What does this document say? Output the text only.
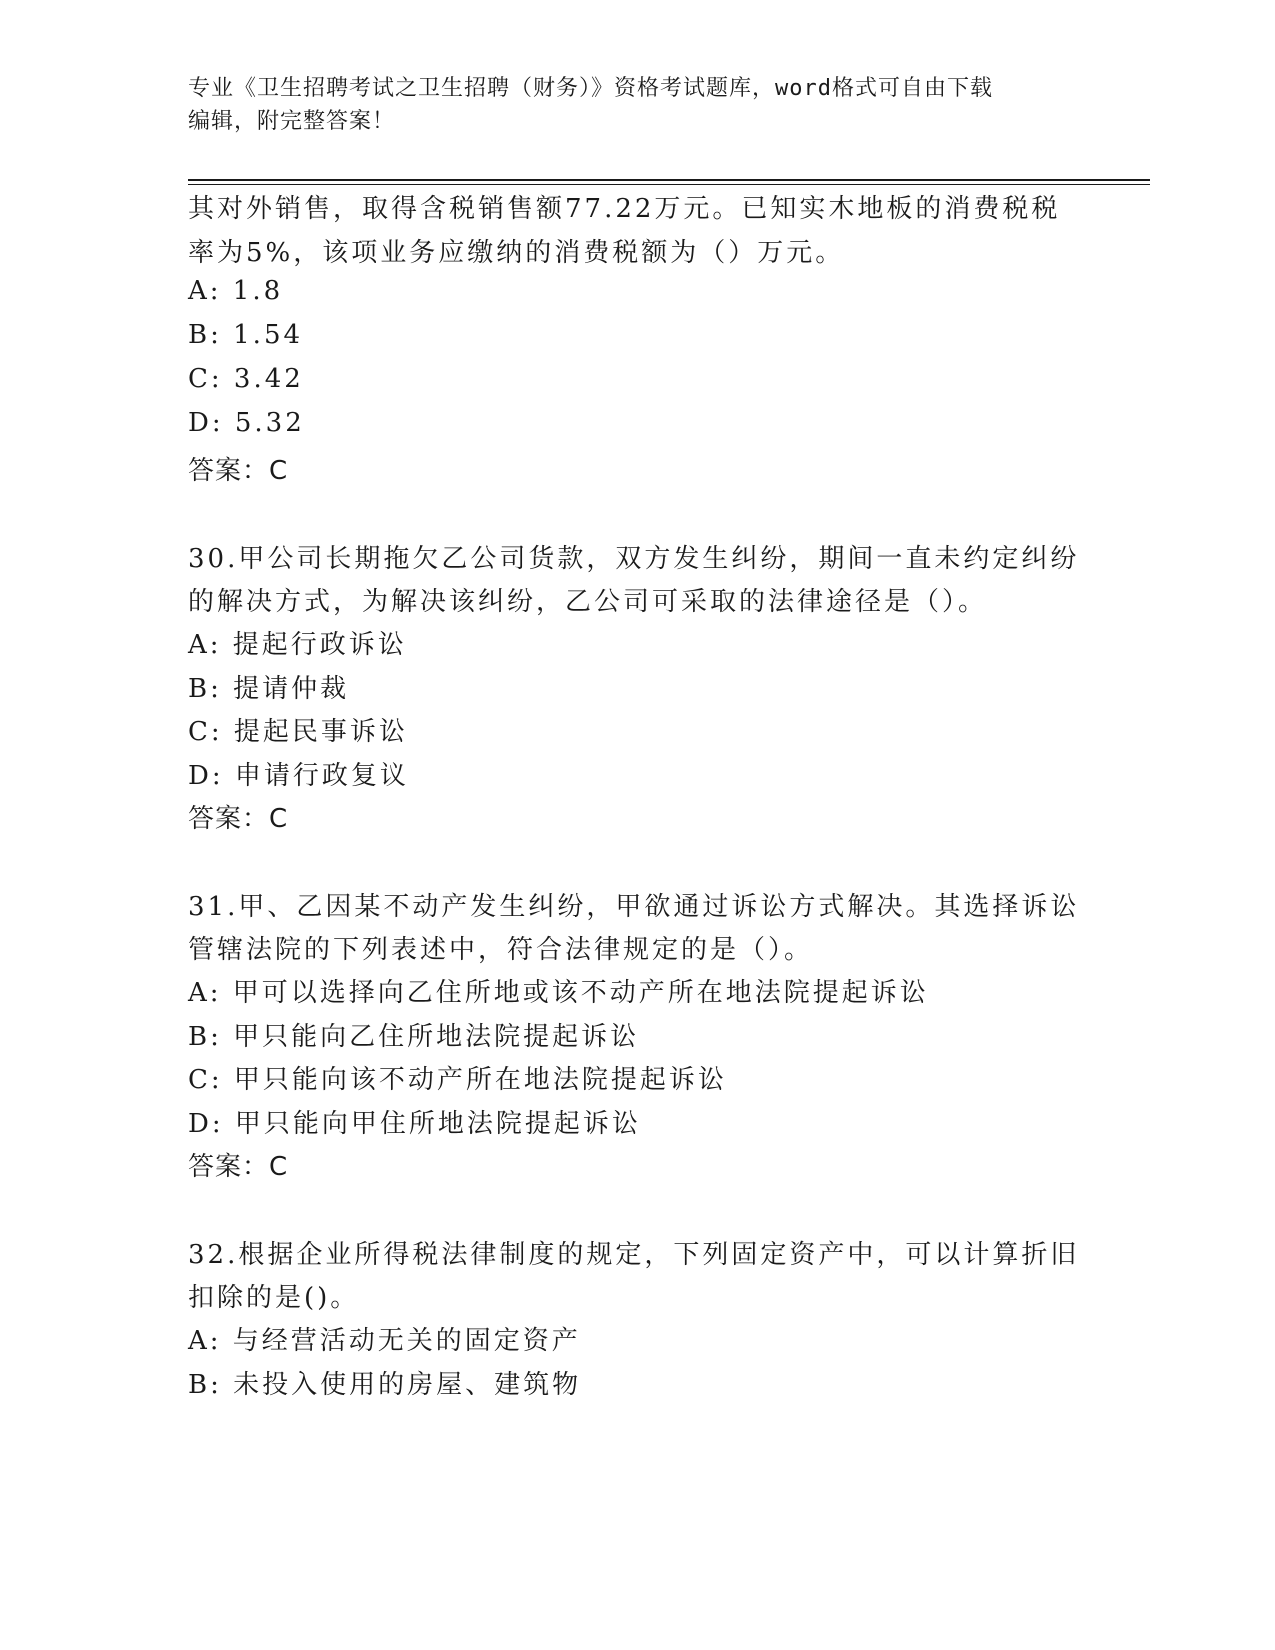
专业《卫生招聘考试之卫生招聘（财务）》资格考试题库，word格式可自由下载
编辑，附完整答案！
其对外销售，取得含税销售额77.22万元。已知实木地板的消费税税
率为5%，该项业务应缴纳的消费税额为（）万元。
A: 1.8
B: 1.54
C: 3.42
D: 5.32
答案：C
30.甲公司长期拖欠乙公司货款，双方发生纠纷，期间一直未约定纠纷
的解决方式，为解决该纠纷，乙公司可采取的法律途径是（）。
A: 提起行政诉讼
B: 提请仲裁
C: 提起民事诉讼
D: 申请行政复议
答案：C
31.甲、乙因某不动产发生纠纷，甲欲通过诉讼方式解决。其选择诉讼
管辖法院的下列表述中，符合法律规定的是（）。
A: 甲可以选择向乙住所地或该不动产所在地法院提起诉讼
B: 甲只能向乙住所地法院提起诉讼
C: 甲只能向该不动产所在地法院提起诉讼
D: 甲只能向甲住所地法院提起诉讼
答案：C
32.根据企业所得税法律制度的规定，下列固定资产中，可以计算折旧
扣除的是()。
A: 与经营活动无关的固定资产
B: 未投入使用的房屋、建筑物
